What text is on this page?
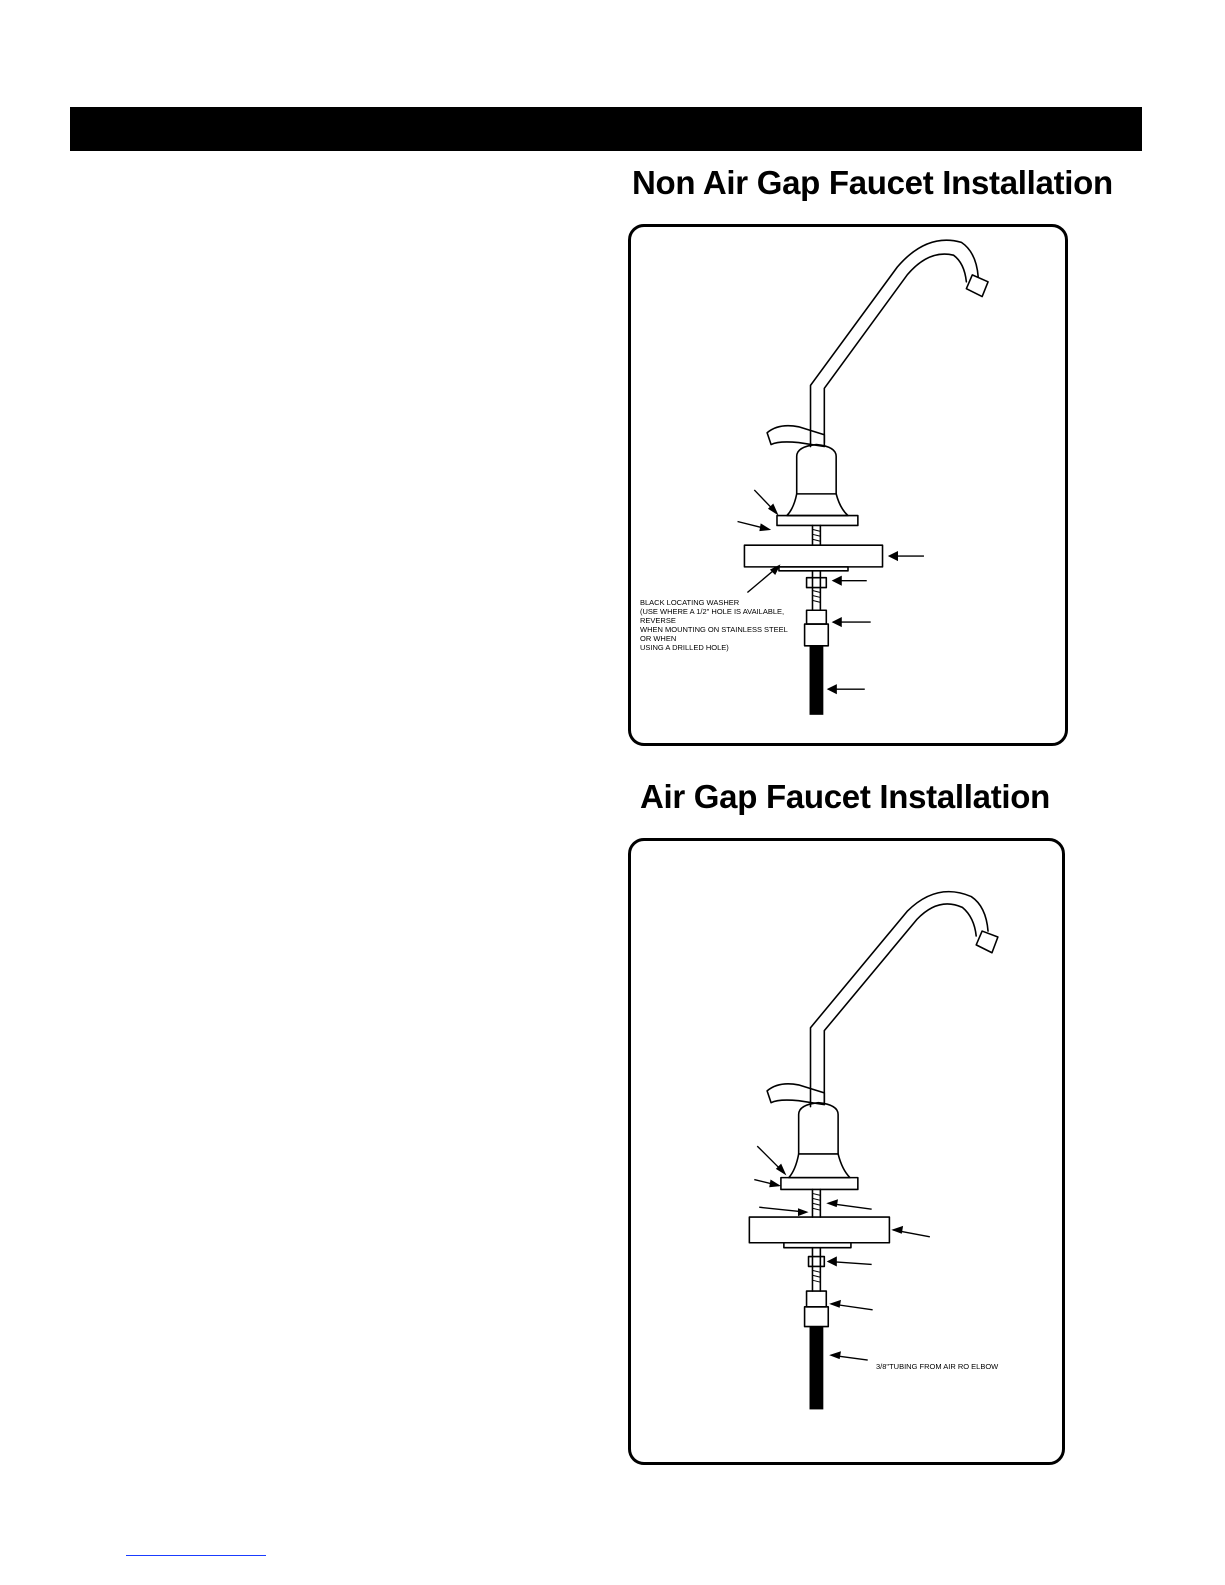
Non Air Gap Faucet Installation
BLACK LOCATING WASHER
(USE WHERE A 1/2" HOLE IS AVAILABLE,
REVERSE
WHEN MOUNTING ON STAINLESS STEEL
OR WHEN
USING A DRILLED HOLE)
Air Gap Faucet Installation
3/8"TUBING FROM AIR RO ELBOW
